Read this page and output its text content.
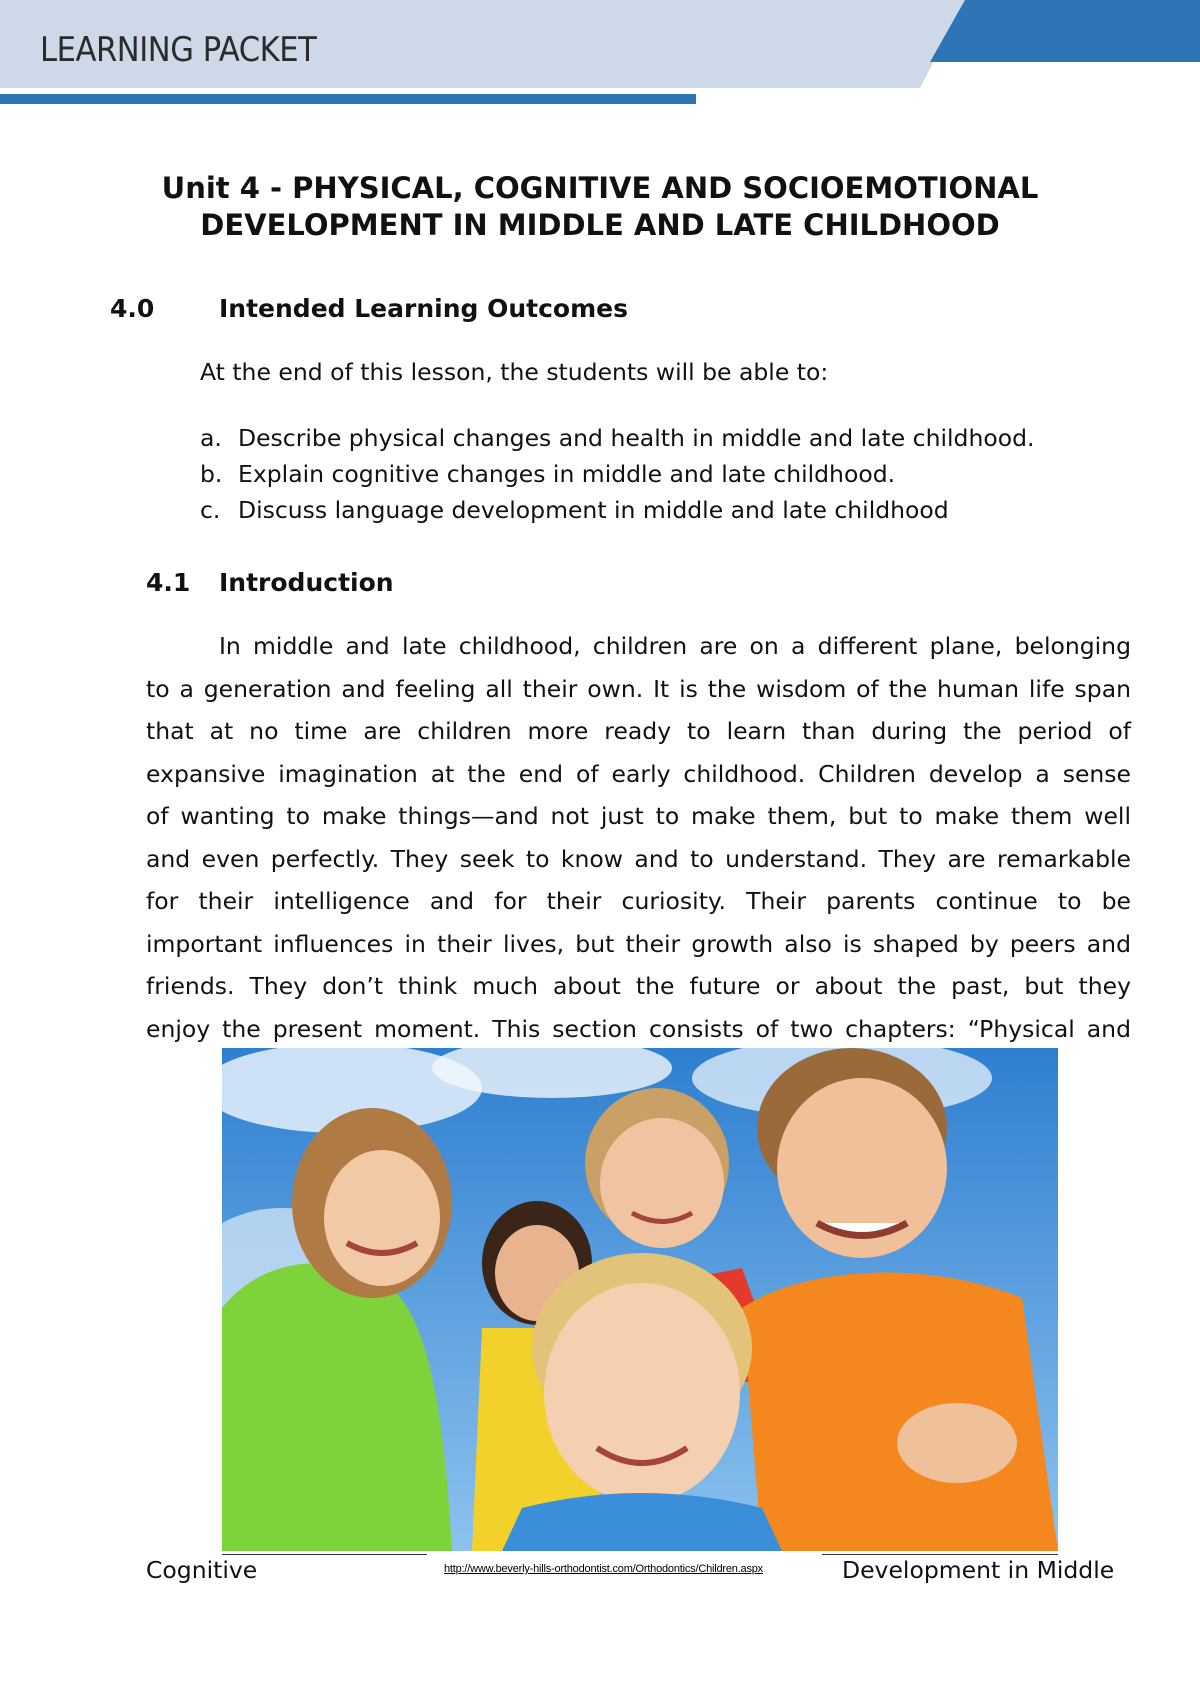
LEARNING PACKET
Unit 4 - PHYSICAL, COGNITIVE AND SOCIOEMOTIONAL
DEVELOPMENT IN MIDDLE AND LATE CHILDHOOD
4.0	Intended Learning Outcomes
At the end of this lesson, the students will be able to:
a. Describe physical changes and health in middle and late childhood.
b. Explain cognitive changes in middle and late childhood.
c. Discuss language development in middle and late childhood
4.1 Introduction
In middle and late childhood, children are on a different plane, belonging
to a generation and feeling all their own. It is the wisdom of the human life span
that at no time are children more ready to learn than during the period of
expansive imagination at the end of early childhood. Children develop a sense
of wanting to make things—and not just to make them, but to make them well
and even perfectly. They seek to know and to understand. They are remarkable
for their intelligence and for their curiosity. Their parents continue to be
important influences in their lives, but their growth also is shaped by peers and
friends. They don’t think much about the future or about the past, but they
enjoy the present moment. This section consists of two chapters: “Physical and
Cognitive	http://www.beverly-hills-orthodontist.com/Orthodontics/Children.aspx	Development in Middle
